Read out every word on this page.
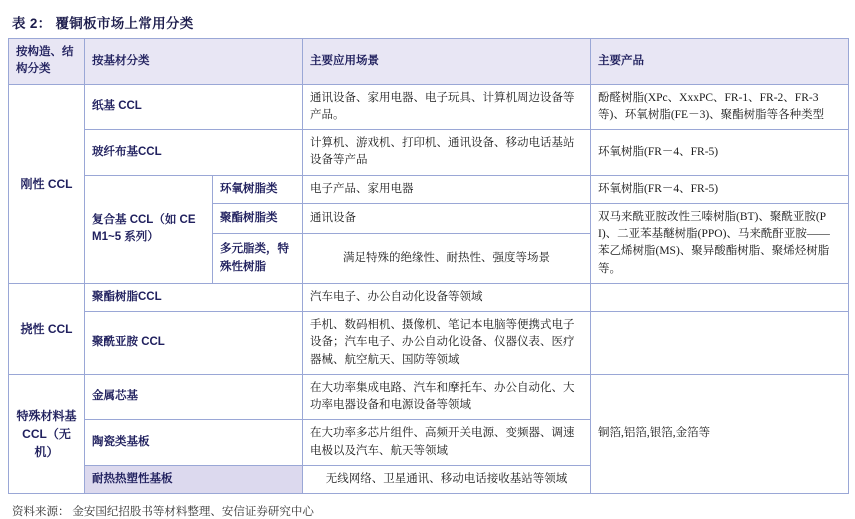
表 2： 覆铜板市场上常用分类
按构造、结构分类	按基材分类		主要应用场景	主要产品
刚性 CCL	纸基 CCL		通讯设备、家用电器、电子玩具、计算机周边设备等产品。	酚醛树脂(XPc、XxxPC、FR-1、FR-2、FR-3 等)、环氧树脂(FE－3)、聚酯树脂等各种类型
	玻纤布基CCL		计算机、游戏机、打印机、通讯设备、移动电话基站设备等产品	环氧树脂(FR－4、FR-5)
	复合基 CCL（如 CEM1~5 系列）	环氧树脂类	电子产品、家用电器	环氧树脂(FR－4、FR-5)
		聚酯树脂类	通讯设备	双马来酰亚胺改性三嗪树脂(BT)、聚酰亚胺(PI)、二亚苯基醚树脂(PPO)、马来酰酐亚胺——苯乙烯树脂(MS)、聚异酸酯树脂、聚烯烃树脂等。
		多元脂类，特殊性树脂	满足特殊的绝缘性、耐热性、强度等场景	
挠性 CCL	聚酯树脂CCL		汽车电子、办公自动化设备等领域	
	聚酰亚胺 CCL		手机、数码相机、摄像机、笔记本电脑等便携式电子设备；汽车电子、办公自动化设备、仪器仪表、医疗器械、航空航天、国防等领域	
特殊材料基 CCL（无机）	金属芯基		在大功率集成电路、汽车和摩托车、办公自动化、大功率电器设备和电源设备等领域	铜箔,铝箔,银箔,金箔等
	陶瓷类基板		在大功率多芯片组件、高频开关电源、变频器、调速电极以及汽车、航天等领域	
	耐热热塑性基板		无线网络、卫星通讯、移动电话接收基站等领域	
资料来源： 金安国纪招股书等材料整理、安信证券研究中心
